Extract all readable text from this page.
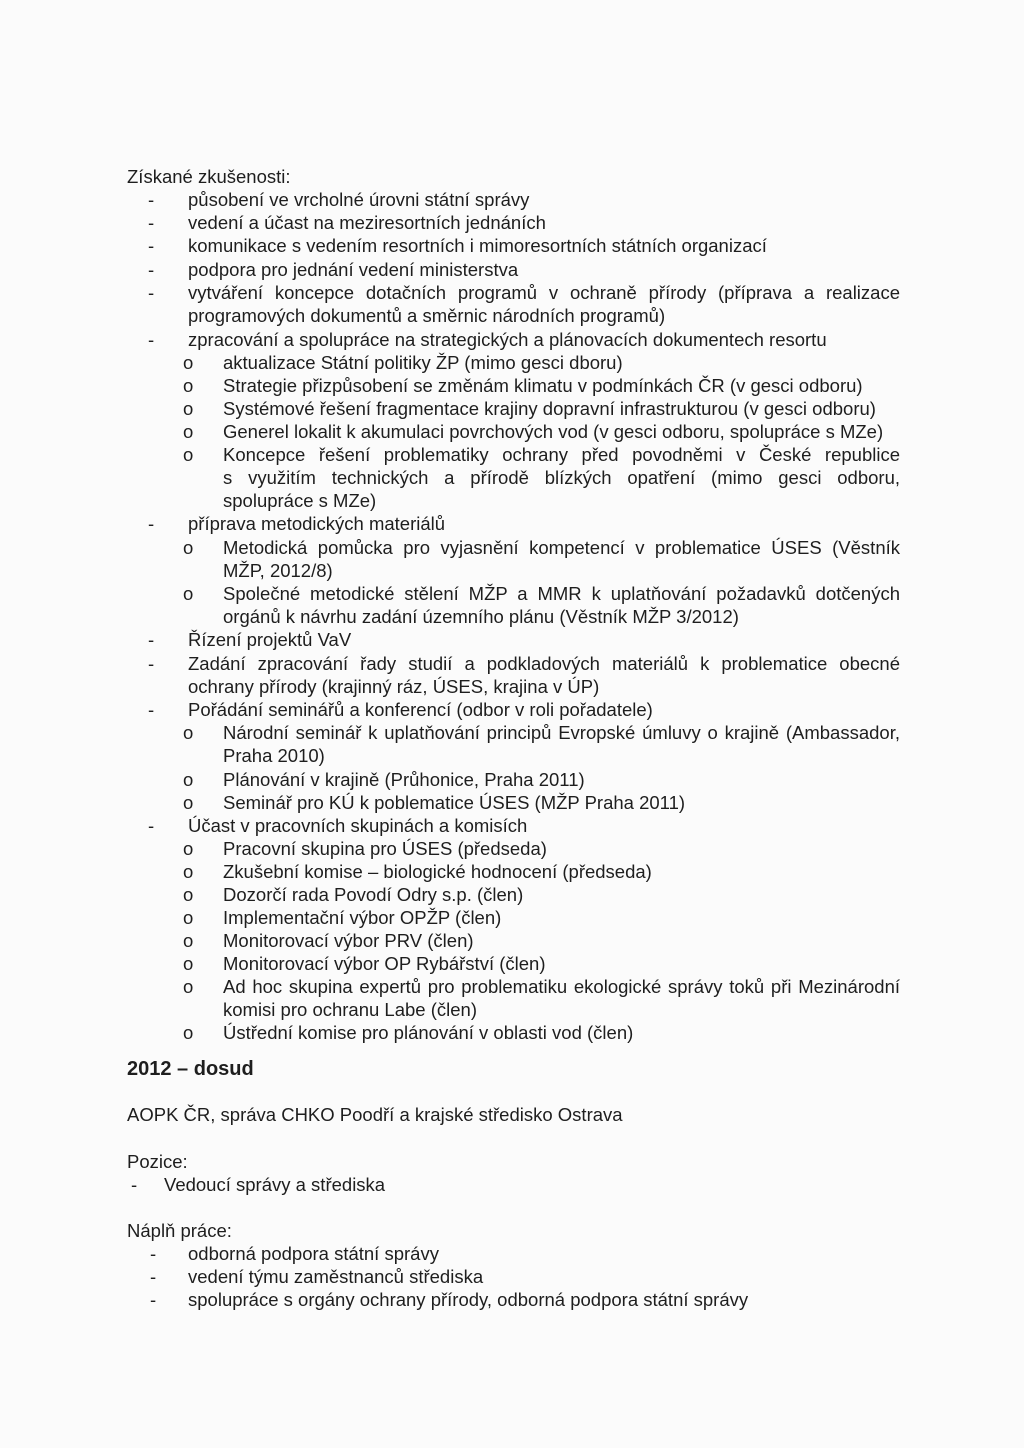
Získané zkušenosti:
- působení ve vrcholné úrovni státní správy
- vedení a účast na meziresortních jednáních
- komunikace s vedením resortních i mimoresortních státních organizací
- podpora pro jednání vedení ministerstva
- vytváření koncepce dotačních programů v ochraně přírody (příprava a realizace
programových dokumentů a směrnic národních programů)
- zpracování a spolupráce na strategických a plánovacích dokumentech resortu
o aktualizace Státní politiky ŽP (mimo gesci dboru)
o Strategie přizpůsobení se změnám klimatu v podmínkách ČR (v gesci odboru)
o Systémové řešení fragmentace krajiny dopravní infrastrukturou (v gesci odboru)
o Generel lokalit k akumulaci povrchových vod (v gesci odboru, spolupráce s MZe)
o Koncepce řešení problematiky ochrany před povodněmi v České republice
s využitím technických a přírodě blízkých opatření (mimo gesci odboru,
spolupráce s MZe)
- příprava metodických materiálů
o Metodická pomůcka pro vyjasnění kompetencí v problematice ÚSES (Věstník
MŽP, 2012/8)
o Společné metodické stělení MŽP a MMR k uplatňování požadavků dotčených
orgánů k návrhu zadání územního plánu (Věstník MŽP 3/2012)
- Řízení projektů VaV
- Zadání zpracování řady studií a podkladových materiálů k problematice obecné
ochrany přírody (krajinný ráz, ÚSES, krajina v ÚP)
- Pořádání seminářů a konferencí (odbor v roli pořadatele)
o Národní seminář k uplatňování principů Evropské úmluvy o krajině (Ambassador,
Praha 2010)
o Plánování v krajině (Průhonice, Praha 2011)
o Seminář pro KÚ k poblematice ÚSES (MŽP Praha 2011)
- Účast v pracovních skupinách a komisích
o Pracovní skupina pro ÚSES (předseda)
o Zkušební komise – biologické hodnocení (předseda)
o Dozorčí rada Povodí Odry s.p. (člen)
o Implementační výbor OPŽP (člen)
o Monitorovací výbor PRV (člen)
o Monitorovací výbor OP Rybářství (člen)
o Ad hoc skupina expertů pro problematiku ekologické správy toků při Mezinárodní
komisi pro ochranu Labe (člen)
o Ústřední komise pro plánování v oblasti vod (člen)
2012 – dosud
AOPK ČR, správa CHKO Poodří a krajské středisko Ostrava
Pozice:
- Vedoucí správy a střediska
Náplň práce:
- odborná podpora státní správy
- vedení týmu zaměstnanců střediska
- spolupráce s orgány ochrany přírody, odborná podpora státní správy
